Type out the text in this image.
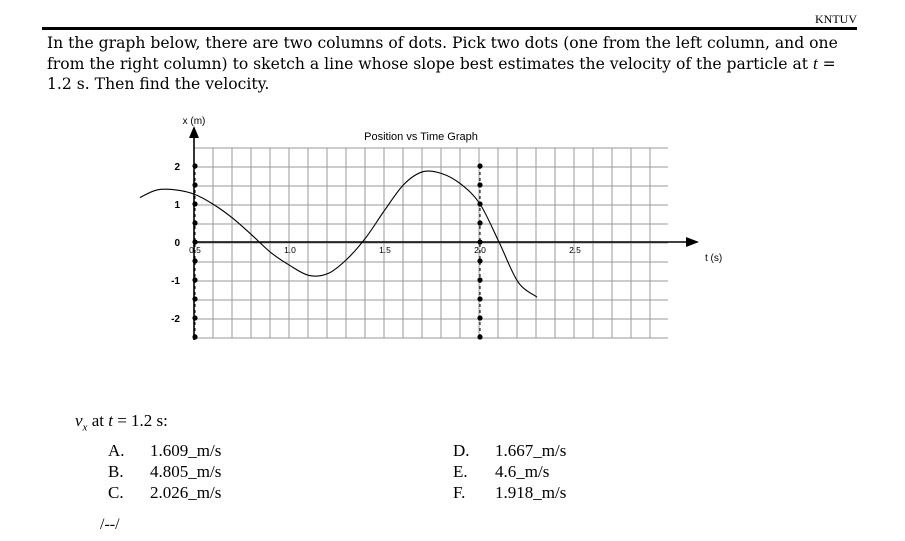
KNTUV
In the graph below, there are two columns of dots. Pick two dots (one from the left column, and one from the right column) to sketch a line whose slope best estimates the velocity of the particle at t = 1.2 s. Then find the velocity.
Position vs Time Graph
x (m)
t (s)
0.5	1.0	1.5	2.0	2.5
2
1
0
-1
-2
$v_x$ at t = 1.2 s:
A. 1.609_m/s
B. 4.805_m/s
C. 2.026_m/s
D. 1.667_m/s
E. 4.6_m/s
F. 1.918_m/s
/--/
